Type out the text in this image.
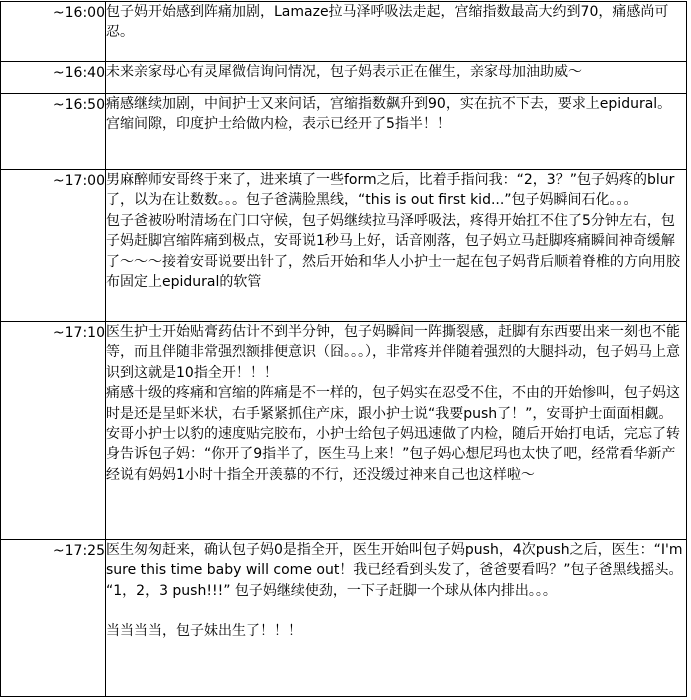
~16:00	包子妈开始感到阵痛加剧，Lamaze拉马泽呼吸法走起，宫缩指数最高大约到70，痛感尚可忍。

~16:40	未来亲家母心有灵犀微信询问情况，包子妈表示正在催生，亲家母加油助威～

~16:50	痛感继续加剧，中间护士又来问话，宫缩指数飙升到90，实在抗不下去，要求上epidural。
宫缩间隙，印度护士给做内检，表示已经开了5指半！！

~17:00	男麻醉师安哥终于来了，进来填了一些form之后，比着手指问我：“2，3？”包子妈疼的blur了，以为在让数数。。。包子爸满脸黑线，“this is out first kid...”包子妈瞬间石化。。。
包子爸被吩咐清场在门口守候，包子妈继续拉马泽呼吸法，疼得开始扛不住了5分钟左右，包子妈赶脚宫缩阵痛到极点，安哥说1秒马上好，话音刚落，包子妈立马赶脚疼痛瞬间神奇缓解了～～～接着安哥说要出针了，然后开始和华人小护士一起在包子妈背后顺着脊椎的方向用胶布固定上epidural的软管

~17:10	医生护士开始贴膏药估计不到半分钟，包子妈瞬间一阵撕裂感，赶脚有东西要出来一刻也不能等，而且伴随非常强烈额排便意识（囧。。。），非常疼并伴随着强烈的大腿抖动，包子妈马上意识到这就是10指全开！！！
痛感十级的疼痛和宫缩的阵痛是不一样的，包子妈实在忍受不住，不由的开始惨叫，包子妈这时是还是呈虾米状，右手紧紧抓住产床，跟小护士说“我要push了！”，安哥护士面面相觑。
安哥小护士以豹的速度贴完胶布，小护士给包子妈迅速做了内检，随后开始打电话，完忘了转身告诉包子妈：“你开了9指半了，医生马上来！”包子妈心想尼玛也太快了吧，经常看华新产经说有妈妈1小时十指全开羡慕的不行，还没缓过神来自己也这样啦～

~17:25	医生匆匆赶来，确认包子妈0是指全开，医生开始叫包子妈push，4次push之后，医生：“I'm sure this time baby will come out！我已经看到头发了，爸爸要看吗？”包子爸黑线摇头。
“1，2，3 push!!!” 包子妈继续使劲，一下子赶脚一个球从体内排出。。。
当当当当，包子妹出生了！！！
